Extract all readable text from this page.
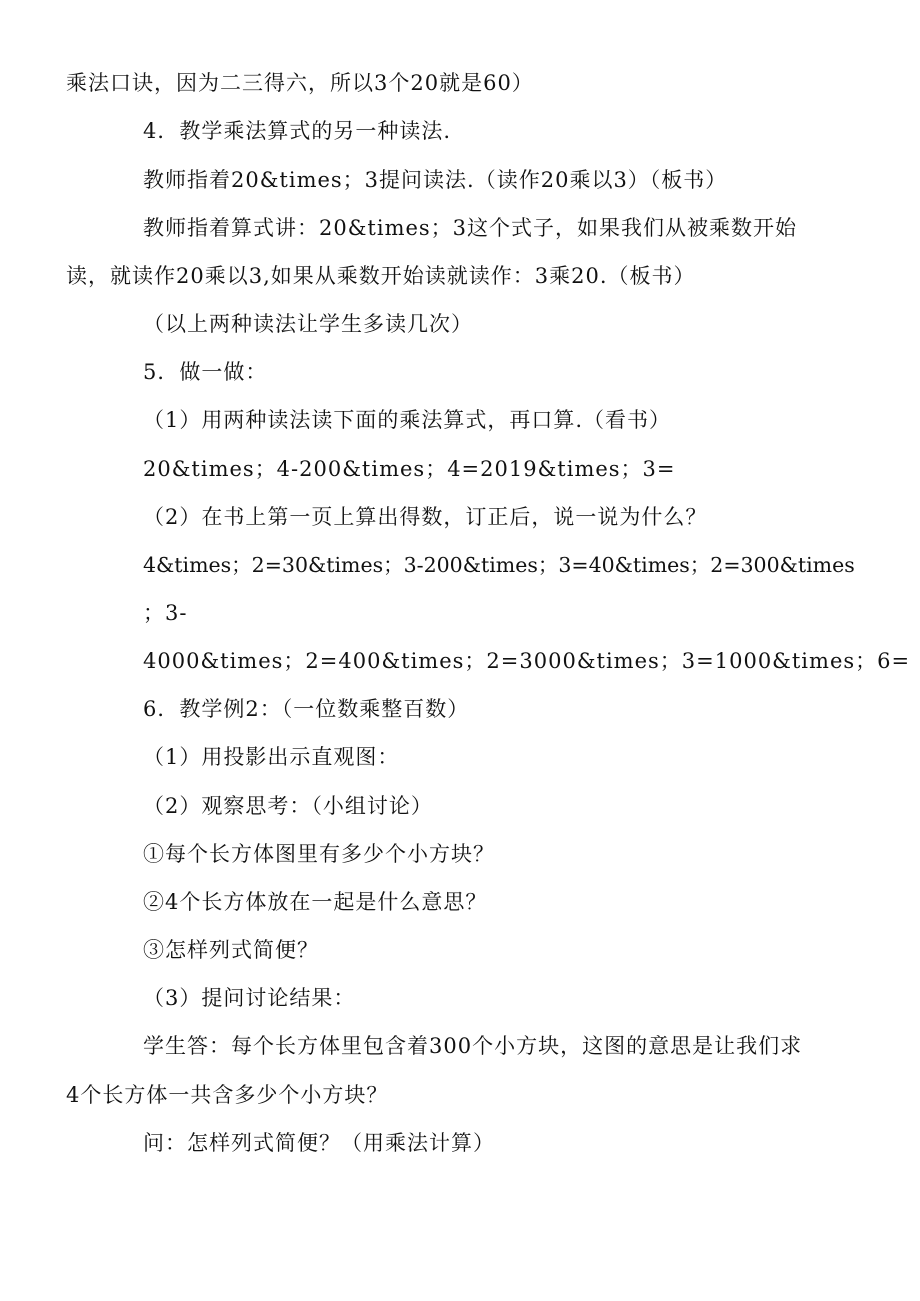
乘法口诀，因为二三得六，所以3个20就是60）
4．教学乘法算式的另一种读法.
教师指着20&times；3提问读法.（读作20乘以3）（板书）
教师指着算式讲：20&times；3这个式子，如果我们从被乘数开始
读，就读作20乘以3,如果从乘数开始读就读作：3乘20.（板书）
（以上两种读法让学生多读几次）
5．做一做：
（1）用两种读法读下面的乘法算式，再口算.（看书）
20&times；4-200&times；4=2019&times；3=
（2）在书上第一页上算出得数，订正后，说一说为什么？
4&times；2=30&times；3-200&times；3=40&times；2=300&times
；3-
4000&times；2=400&times；2=3000&times；3=1000&times；6=
6．教学例2：（一位数乘整百数）
（1）用投影出示直观图：
（2）观察思考：（小组讨论）
①每个长方体图里有多少个小方块？
②4个长方体放在一起是什么意思？
③怎样列式简便？
（3）提问讨论结果：
学生答：每个长方体里包含着300个小方块，这图的意思是让我们求
4个长方体一共含多少个小方块？
问：怎样列式简便？（用乘法计算）
